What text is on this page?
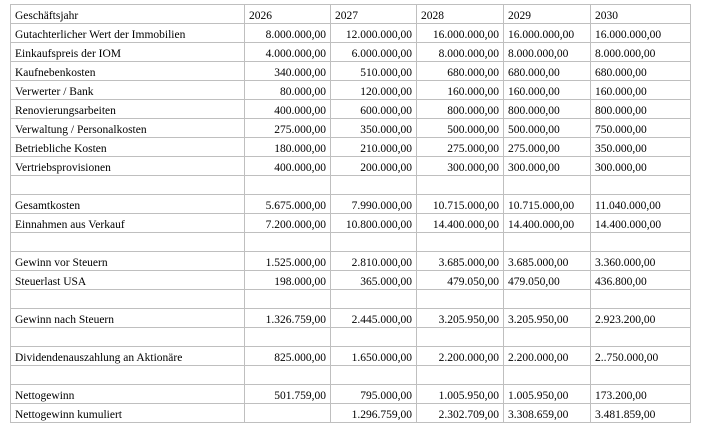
Geschäftsjahr	2026	2027	2028	2029	2030
Gutachterlicher Wert der Immobilien	8.000.000,00	12.000.000,00	16.000.000,00	16.000.000,00	16.000.000,00
Einkaufspreis der IOM	4.000.000,00	6.000.000,00	8.000.000,00	8.000.000,00	8.000.000,00
Kaufnebenkosten	340.000,00	510.000,00	680.000,00	680.000,00	680.000,00
Verwerter / Bank	80.000,00	120.000,00	160.000,00	160.000,00	160.000,00
Renovierungsarbeiten	400.000,00	600.000,00	800.000,00	800.000,00	800.000,00
Verwaltung / Personalkosten	275.000,00	350.000,00	500.000,00	500.000,00	750.000,00
Betriebliche Kosten	180.000,00	210.000,00	275.000,00	275.000,00	350.000,00
Vertriebsprovisionen	400.000,00	200.000,00	300.000,00	300.000,00	300.000,00

Gesamtkosten	5.675.000,00	7.990.000,00	10.715.000,00	10.715.000,00	11.040.000,00
Einnahmen aus Verkauf	7.200.000,00	10.800.000,00	14.400.000,00	14.400.000,00	14.400.000,00

Gewinn vor Steuern	1.525.000,00	2.810.000,00	3.685.000,00	3.685.000,00	3.360.000,00
Steuerlast USA	198.000,00	365.000,00	479.050,00	479.050,00	436.800,00

Gewinn nach Steuern	1.326.759,00	2.445.000,00	3.205.950,00	3.205.950,00	2.923.200,00

Dividendenauszahlung an Aktionäre	825.000,00	1.650.000,00	2.200.000,00	2.200.000,00	2..750.000,00

Nettogewinn	501.759,00	795.000,00	1.005.950,00	1.005.950,00	173.200,00
Nettogewinn kumuliert		1.296.759,00	2.302.709,00	3.308.659,00	3.481.859,00
